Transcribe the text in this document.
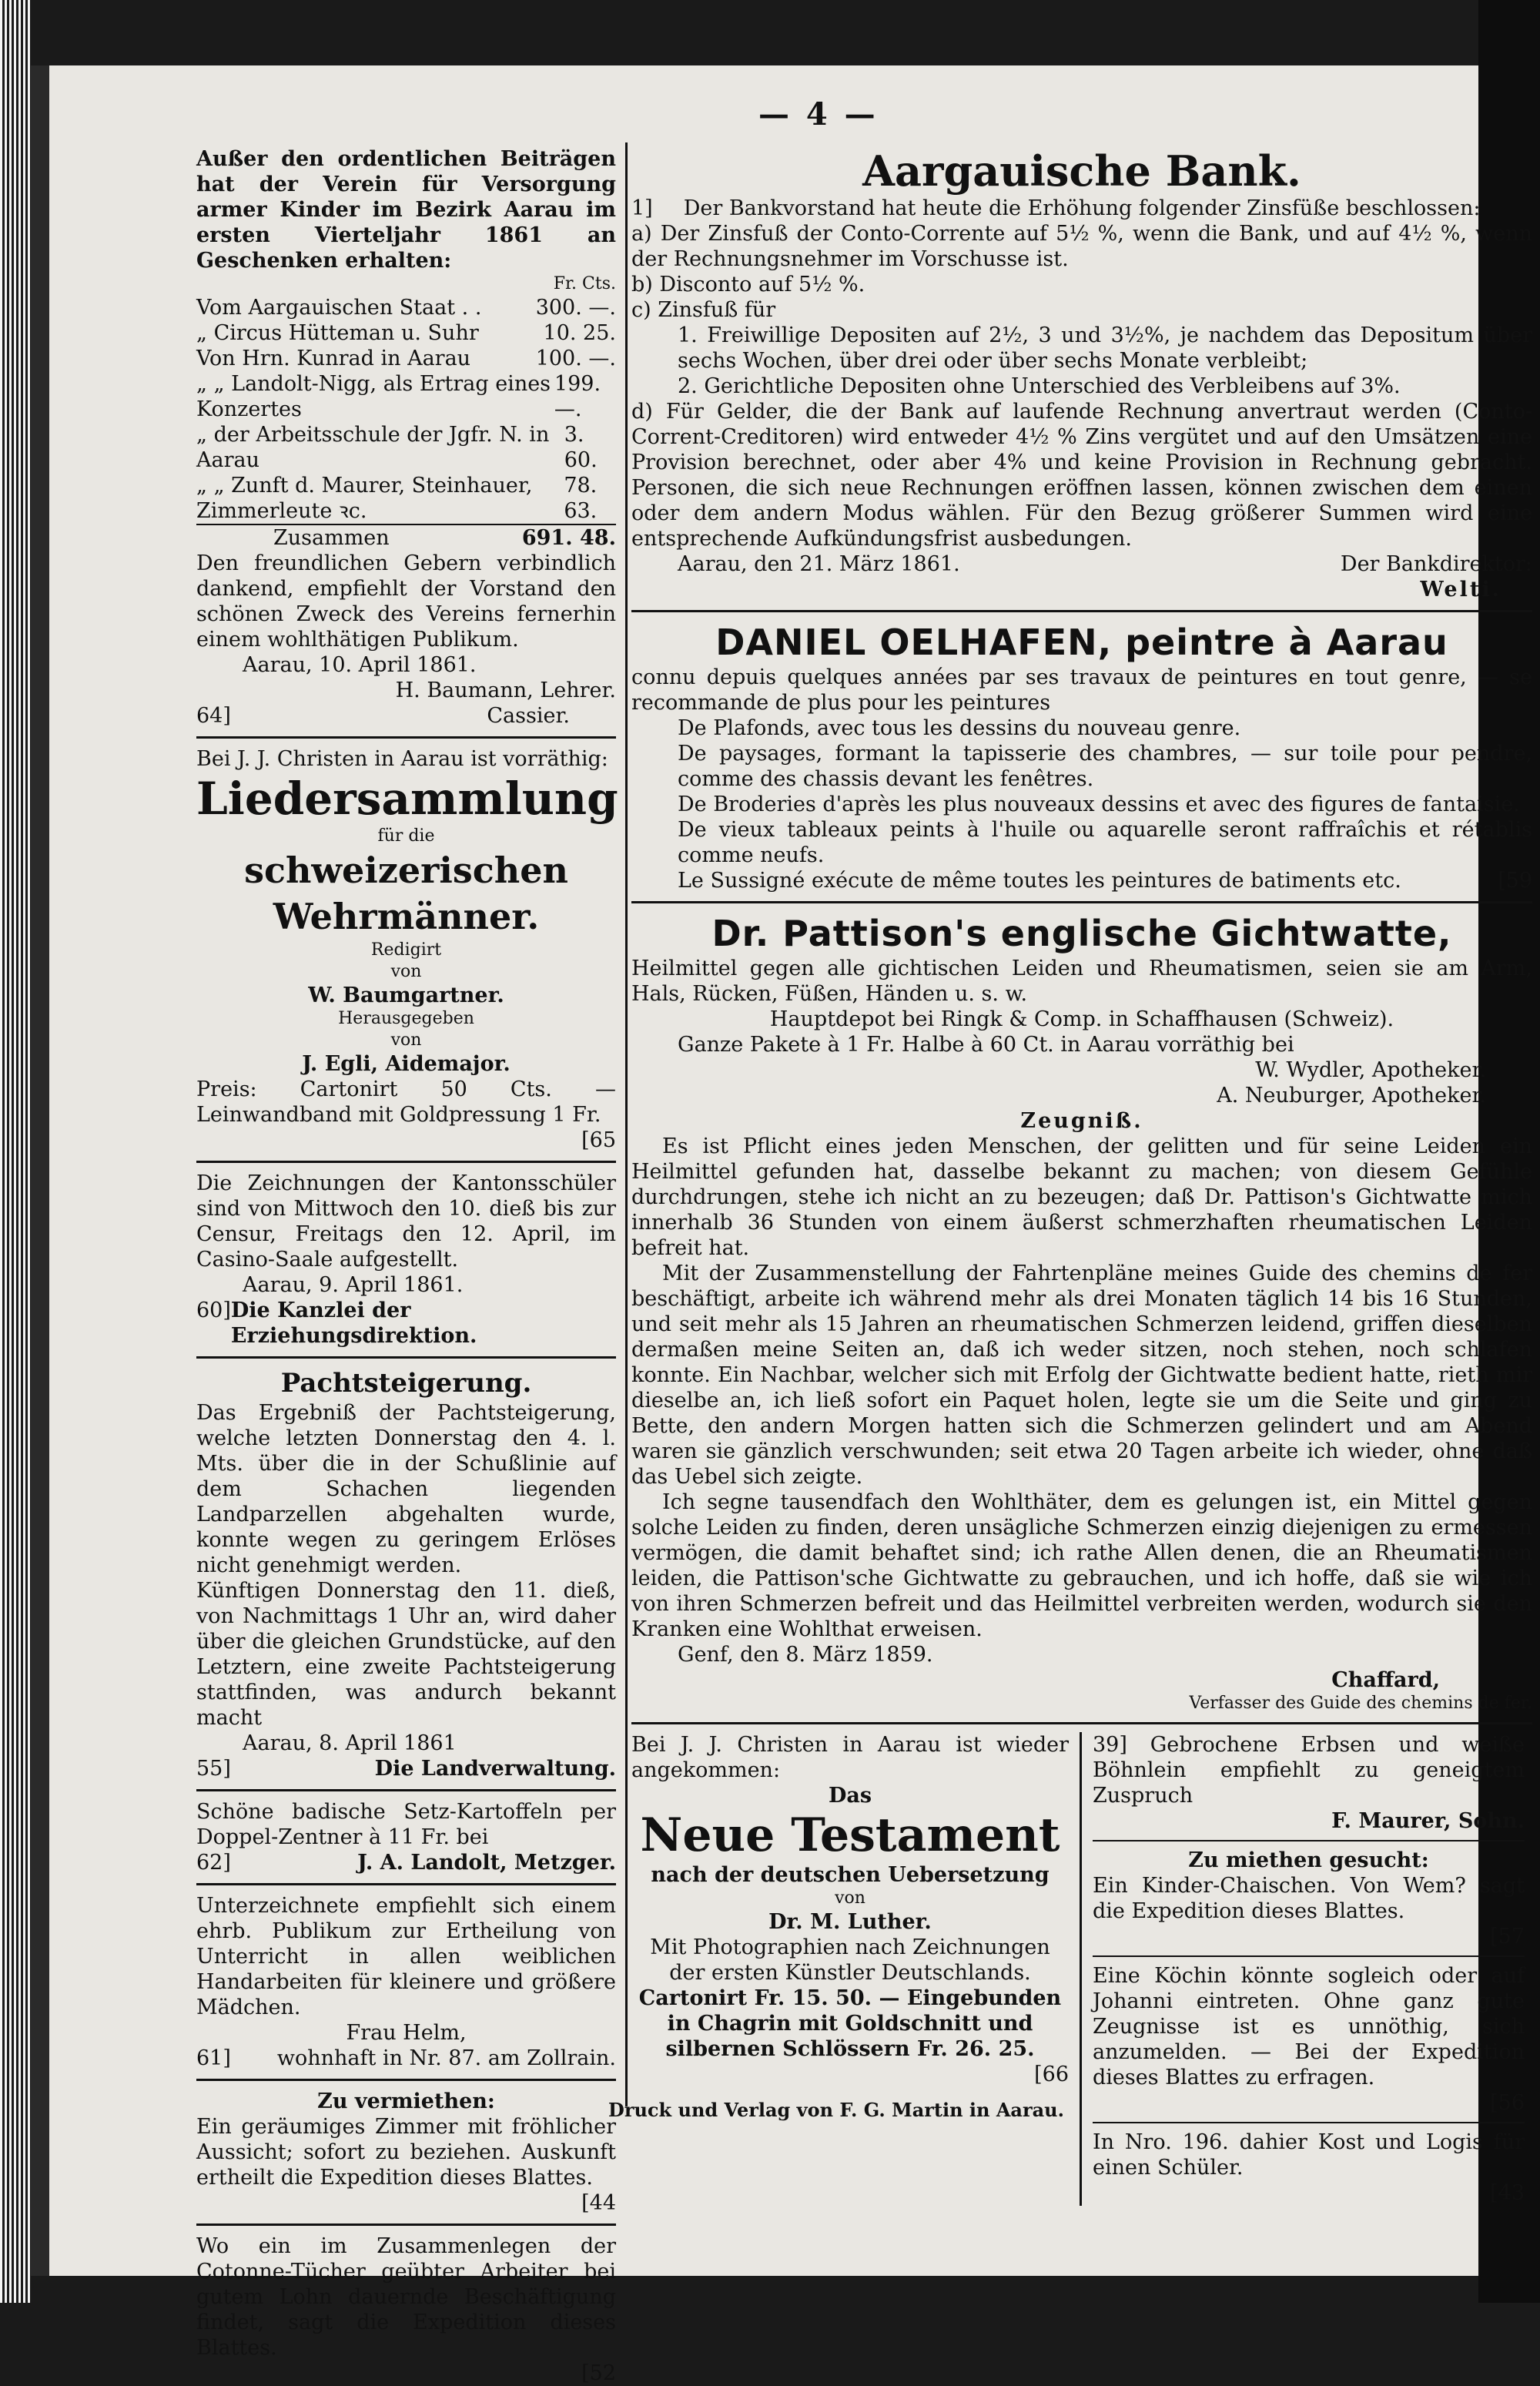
— 4 —

Außer den ordentlichen Beiträgen hat der Verein für Versorgung armer Kinder im Bezirk Aarau im ersten Vierteljahr 1861 an Geschenken erhalten:

Fr. Cts.

Vom Aargauischen Staat . .	300. —.
„ Circus Hütteman u. Suhr	10. 25.
Von Hrn. Kunrad in Aarau	100. —.
„ „ Landolt-Nigg, als Ertrag eines Konzertes
199. —.
„ der Arbeitsschule der Jgfr. N. in Aarau
3. 60.
„ „ Zunft d. Maurer, Steinhauer, Zimmerleute ꝛc.
78. 63.
Zusammen	691. 48.

Den freundlichen Gebern verbindlich dankend, empfiehlt der Vorstand den schönen Zweck des Vereins fernerhin einem wohlthätigen Publikum.

Aarau, 10. April 1861.

H. Baumann, Lehrer.

64]	Cassier.

Bei J. J. Christen in Aarau ist vorräthig:

Liedersammlung

für die

schweizerischen Wehrmänner.

Redigirt

von

W. Baumgartner.

Herausgegeben

von

J. Egli, Aidemajor.

Preis: Cartonirt 50 Cts. — Leinwandband mit Goldpressung 1 Fr.

[65

Die Zeichnungen der Kantonsschüler sind von Mittwoch den 10. dieß bis zur Censur, Freitags den 12. April, im Casino-Saale aufgestellt.

Aarau, 9. April 1861.

60] Die Kanzlei der Erziehungsdirektion.

Pachtsteigerung.

Das Ergebniß der Pachtsteigerung, welche letzten Donnerstag den 4. l. Mts. über die in der Schußlinie auf dem Schachen liegenden Landparzellen abgehalten wurde, konnte wegen zu geringem Erlöses nicht genehmigt werden.

Künftigen Donnerstag den 11. dieß, von Nachmittags 1 Uhr an, wird daher über die gleichen Grundstücke, auf den Letztern, eine zweite Pachtsteigerung stattfinden, was andurch bekannt macht

Aarau, 8. April 1861

55]	Die Landverwaltung.

Schöne badische Setz-Kartoffeln per Doppel-Zentner à 11 Fr. bei

62]	J. A. Landolt, Metzger.

Unterzeichnete empfiehlt sich einem ehrb. Publikum zur Ertheilung von Unterricht in allen weiblichen Handarbeiten für kleinere und größere Mädchen.

Frau Helm,

61] wohnhaft in Nr. 87. am Zollrain.

Zu vermiethen:

Ein geräumiges Zimmer mit fröhlicher Aussicht; sofort zu beziehen. Auskunft ertheilt die Expedition dieses Blattes.

[44

Wo ein im Zusammenlegen der Cotonne-Tücher geübter Arbeiter bei gutem Lohn dauernde Beschäftigung findet, sagt die Expedition dieses Blattes.

[52

Aargauische Bank.

1]	Der Bankvorstand hat heute die Erhöhung folgender Zinsfüße beschlossen:

a) Der Zinsfuß der Conto-Corrente auf 5½ %, wenn die Bank, und auf 4½ %, wenn der Rechnungsnehmer im Vorschusse ist.

b) Disconto auf 5½ %.

c) Zinsfuß für

1. Freiwillige Depositen auf 2½, 3 und 3½%, je nachdem das Depositum über sechs Wochen, über drei oder über sechs Monate verbleibt;

2. Gerichtliche Depositen ohne Unterschied des Verbleibens auf 3%.

d) Für Gelder, die der Bank auf laufende Rechnung anvertraut werden (Conto-Corrent-Creditoren) wird entweder 4½ % Zins vergütet und auf den Umsätzen eine Provision berechnet, oder aber 4% und keine Provision in Rechnung gebracht. Personen, die sich neue Rechnungen eröffnen lassen, können zwischen dem einen oder dem andern Modus wählen. Für den Bezug größerer Summen wird eine entsprechende Aufkündungsfrist ausbedungen.

Aarau, den 21. März 1861.	Der Bankdirektor:

Welti.

DANIEL OELHAFEN, peintre à Aarau

connu depuis quelques années par ses travaux de peintures en tout genre, — se recommande de plus pour les peintures

De Plafonds, avec tous les dessins du nouveau genre.

De paysages, formant la tapisserie des chambres, — sur toile pour pendre, comme des chassis devant les fenêtres.

De Broderies d'après les plus nouveaux dessins et avec des figures de fantaisie.

De vieux tableaux peints à l'huile ou aquarelle seront raffraîchis et rétablis comme neufs.

Le Sussigné exécute de même toutes les peintures de batiments etc.	[59

Dr. Pattison's englische Gichtwatte,

Heilmittel gegen alle gichtischen Leiden und Rheumatismen, seien sie am Arm, Hals, Rücken, Füßen, Händen u. s. w.

Hauptdepot bei Ringk & Comp. in Schaffhausen (Schweiz).

Ganze Pakete à 1 Fr. Halbe à 60 Ct. in Aarau vorräthig bei

W. Wydler, Apotheker.

A. Neuburger, Apotheker.

Zeugniß.

Es ist Pflicht eines jeden Menschen, der gelitten und für seine Leiden ein Heilmittel gefunden hat, dasselbe bekannt zu machen; von diesem Gefühle durchdrungen, stehe ich nicht an zu bezeugen; daß Dr. Pattison's Gichtwatte mich innerhalb 36 Stunden von einem äußerst schmerzhaften rheumatischen Leiden befreit hat.

Mit der Zusammenstellung der Fahrtenpläne meines Guide des chemins de fer beschäftigt, arbeite ich während mehr als drei Monaten täglich 14 bis 16 Stunden, und seit mehr als 15 Jahren an rheumatischen Schmerzen leidend, griffen dieselben dermaßen meine Seiten an, daß ich weder sitzen, noch stehen, noch schlafen konnte. Ein Nachbar, welcher sich mit Erfolg der Gichtwatte bedient hatte, rieth mir dieselbe an, ich ließ sofort ein Paquet holen, legte sie um die Seite und ging zu Bette, den andern Morgen hatten sich die Schmerzen gelindert und am Abend waren sie gänzlich verschwunden; seit etwa 20 Tagen arbeite ich wieder, ohne daß das Uebel sich zeigte.

Ich segne tausendfach den Wohlthäter, dem es gelungen ist, ein Mittel gegen solche Leiden zu finden, deren unsägliche Schmerzen einzig diejenigen zu ermessen vermögen, die damit behaftet sind; ich rathe Allen denen, die an Rheumatismen leiden, die Pattison'sche Gichtwatte zu gebrauchen, und ich hoffe, daß sie wie ich von ihren Schmerzen befreit und das Heilmittel verbreiten werden, wodurch sie den Kranken eine Wohlthat erweisen.

Genf, den 8. März 1859.

Chaffard,

Verfasser des Guide des chemins de fer.

Bei J. J. Christen in Aarau ist wieder angekommen:

Das

Neue Testament

nach der deutschen Uebersetzung

von

Dr. M. Luther.

Mit Photographien nach Zeichnungen der ersten Künstler Deutschlands.

Cartonirt Fr. 15. 50. — Eingebunden in Chagrin mit Goldschnitt und silbernen Schlössern Fr. 26. 25.

[66

39] Gebrochene Erbsen und weiße Böhnlein empfiehlt zu geneigtem Zuspruch

F. Maurer, Sohn.

Zu miethen gesucht:

Ein Kinder-Chaischen. Von Wem? sagt die Expedition dieses Blattes.

[57

Eine Köchin könnte sogleich oder auf Johanni eintreten. Ohne ganz gute Zeugnisse ist es unnöthig, sich anzumelden. — Bei der Expedition dieses Blattes zu erfragen.

[56

In Nro. 196. dahier Kost und Logis für einen Schüler.

[43

Druck und Verlag von F. G. Martin in Aarau.
